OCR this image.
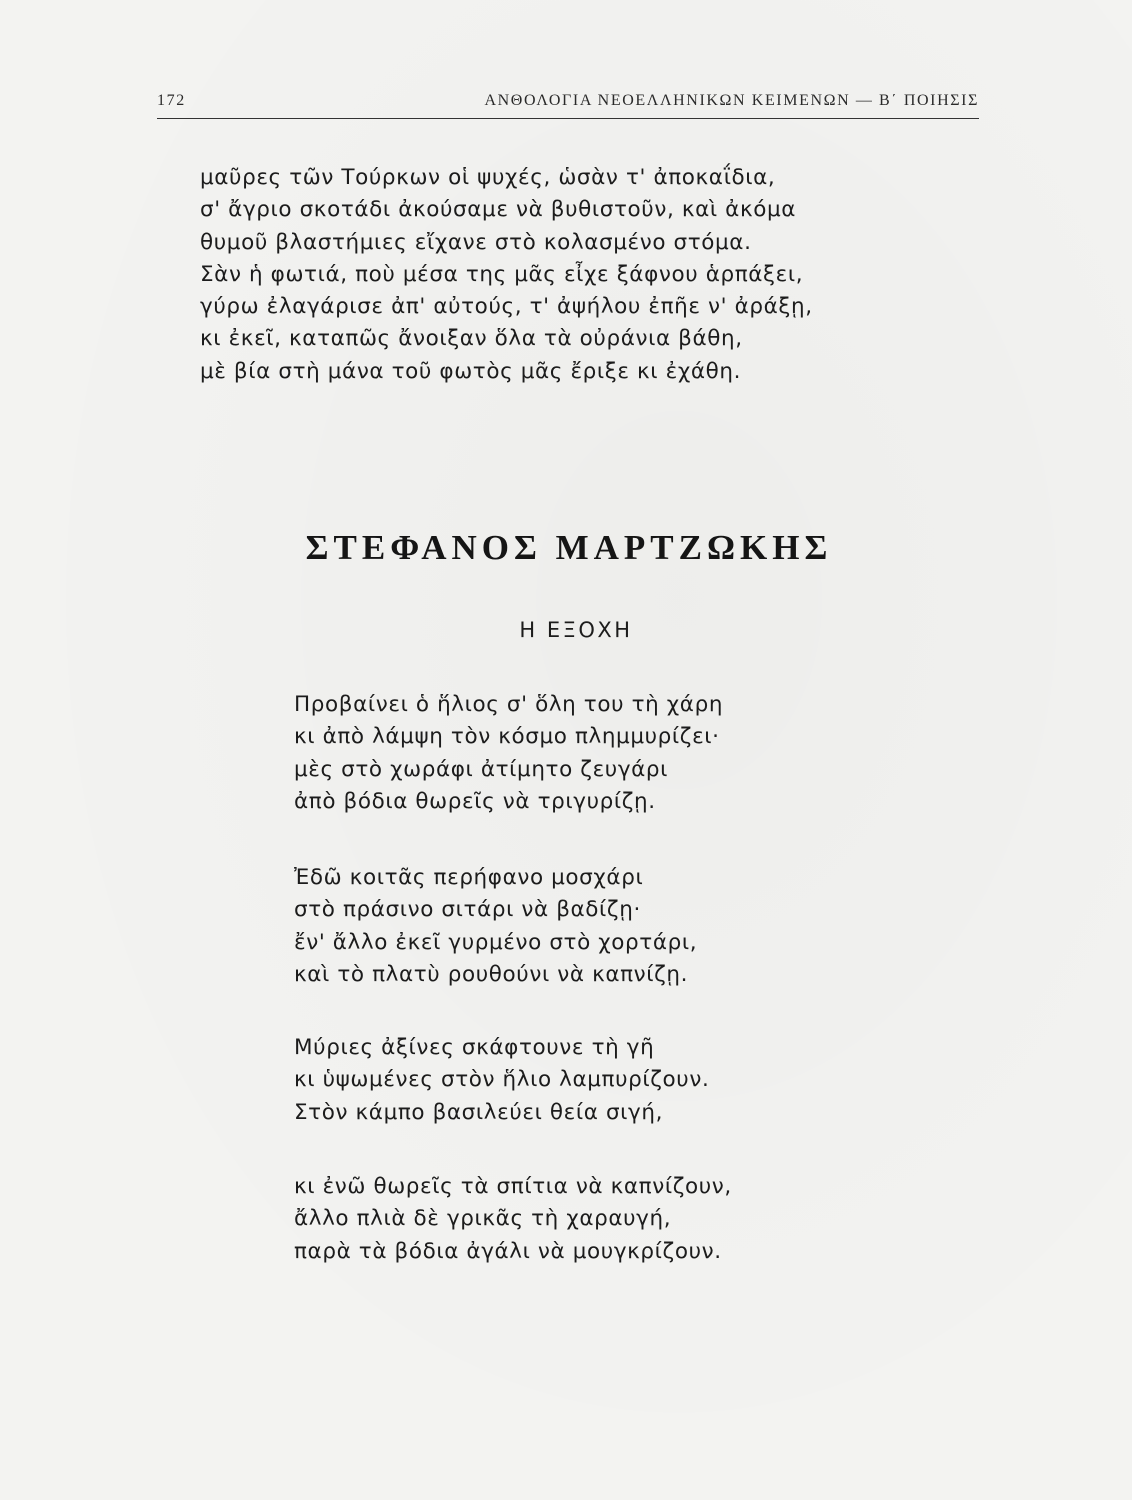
172	ΑΝΘΟΛΟΓΙΑ ΝΕΟΕΛΛΗΝΙΚΩΝ ΚΕΙΜΕΝΩΝ — Β΄ ΠΟΙΗΣΙΣ
μαῦρες τῶν Τούρκων οἱ ψυχές, ὡσὰν τ' ἀποκαΐδια,
σ' ἄγριο σκοτάδι ἀκούσαμε νὰ βυθιστοῦν, καὶ ἀκόμα
θυμοῦ βλαστήμιες εἴχανε στὸ κολασμένο στόμα.
Σὰν ἡ φωτιά, ποὺ μέσα της μᾶς εἶχε ξάφνου ἁρπάξει,
γύρω ἐλαγάρισε ἀπ' αὐτούς, τ' ἀψήλου ἐπῆε ν' ἀράξῃ,
κι ἐκεῖ, καταπῶς ἄνοιξαν ὅλα τὰ οὐράνια βάθη,
μὲ βία στὴ μάνα τοῦ φωτὸς μᾶς ἔριξε κι ἐχάθη.
ΣΤΕΦΑΝΟΣ ΜΑΡΤΖΩΚΗΣ
Η ΕΞΟΧΗ
Προβαίνει ὁ ἥλιος σ' ὅλη του τὴ χάρη
κι ἀπὸ λάμψη τὸν κόσμο πλημμυρίζει·
μὲς στὸ χωράφι ἀτίμητο ζευγάρι
ἀπὸ βόδια θωρεῖς νὰ τριγυρίζῃ.
Ἐδῶ κοιτᾶς περήφανο μοσχάρι
στὸ πράσινο σιτάρι νὰ βαδίζῃ·
ἔν' ἄλλο ἐκεῖ γυρμένο στὸ χορτάρι,
καὶ τὸ πλατὺ ρουθούνι νὰ καπνίζῃ.
Μύριες ἀξίνες σκάφτουνε τὴ γῆ
κι ὑψωμένες στὸν ἥλιο λαμπυρίζουν.
Στὸν κάμπο βασιλεύει θεία σιγή,
κι ἐνῶ θωρεῖς τὰ σπίτια νὰ καπνίζουν,
ἄλλο πλιὰ δὲ γρικᾶς τὴ χαραυγή,
παρὰ τὰ βόδια ἀγάλι νὰ μουγκρίζουν.
